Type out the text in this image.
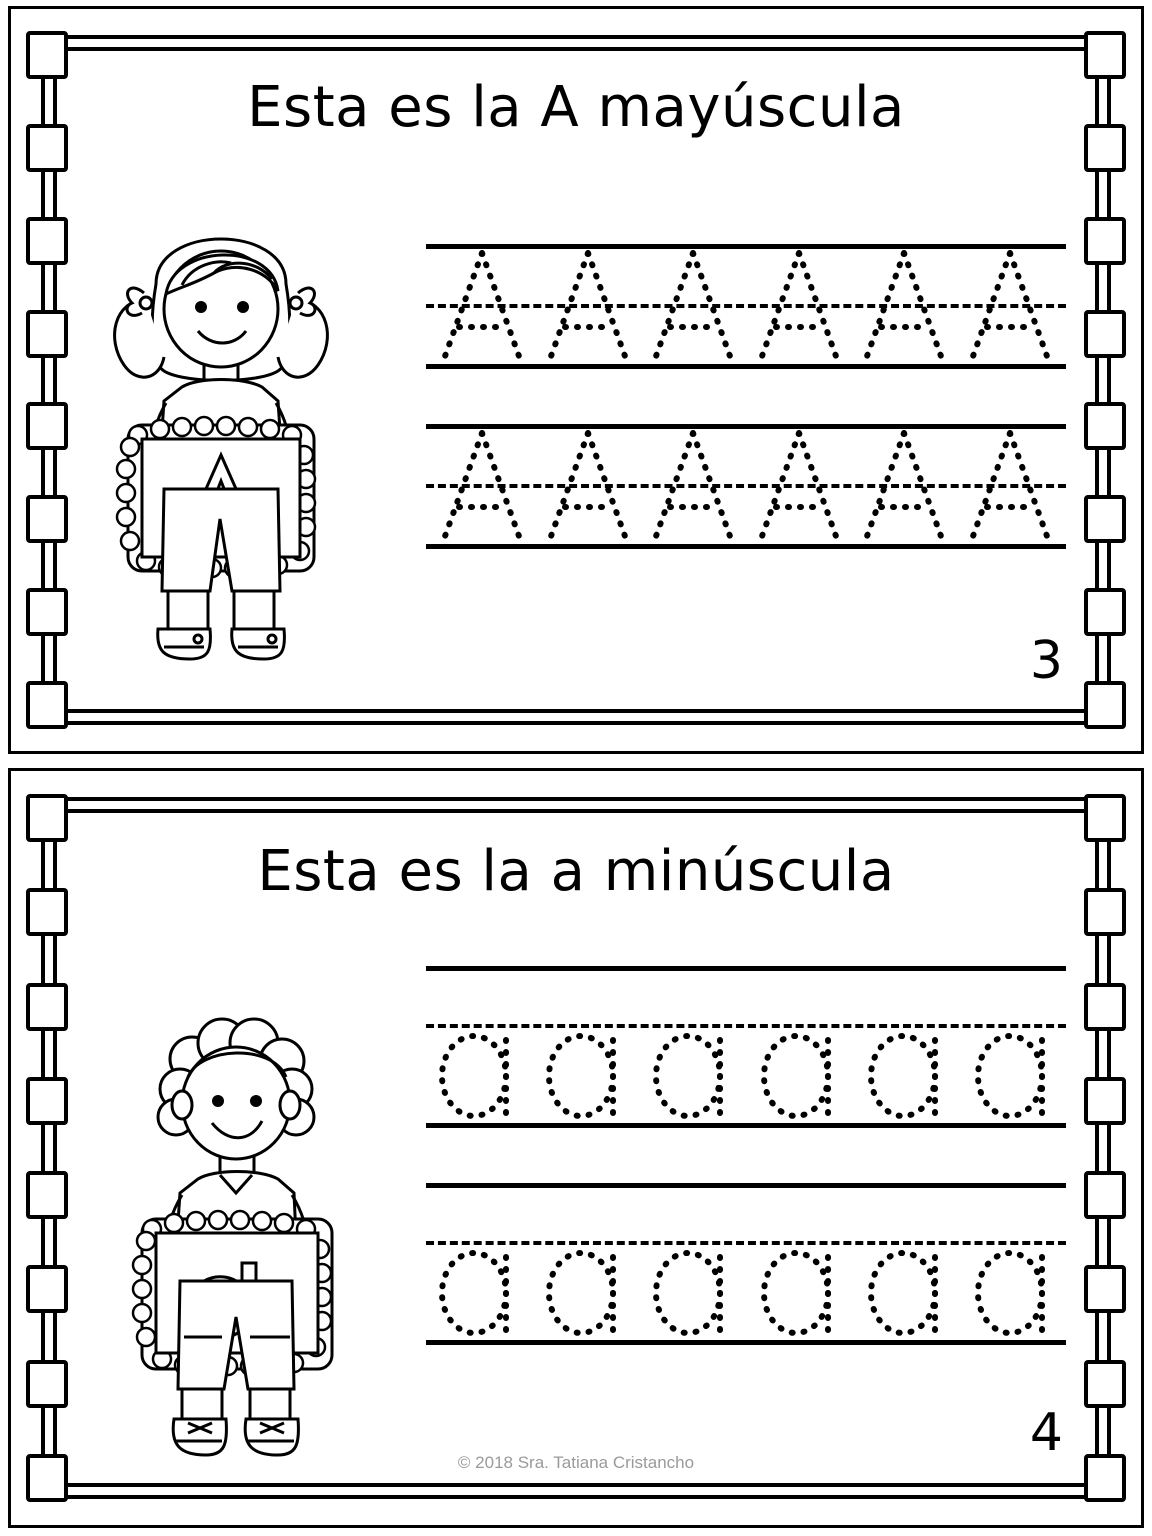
Esta es la A mayúscula
3
Esta es la a minúscula
© 2018 Sra. Tatiana Cristancho	4
